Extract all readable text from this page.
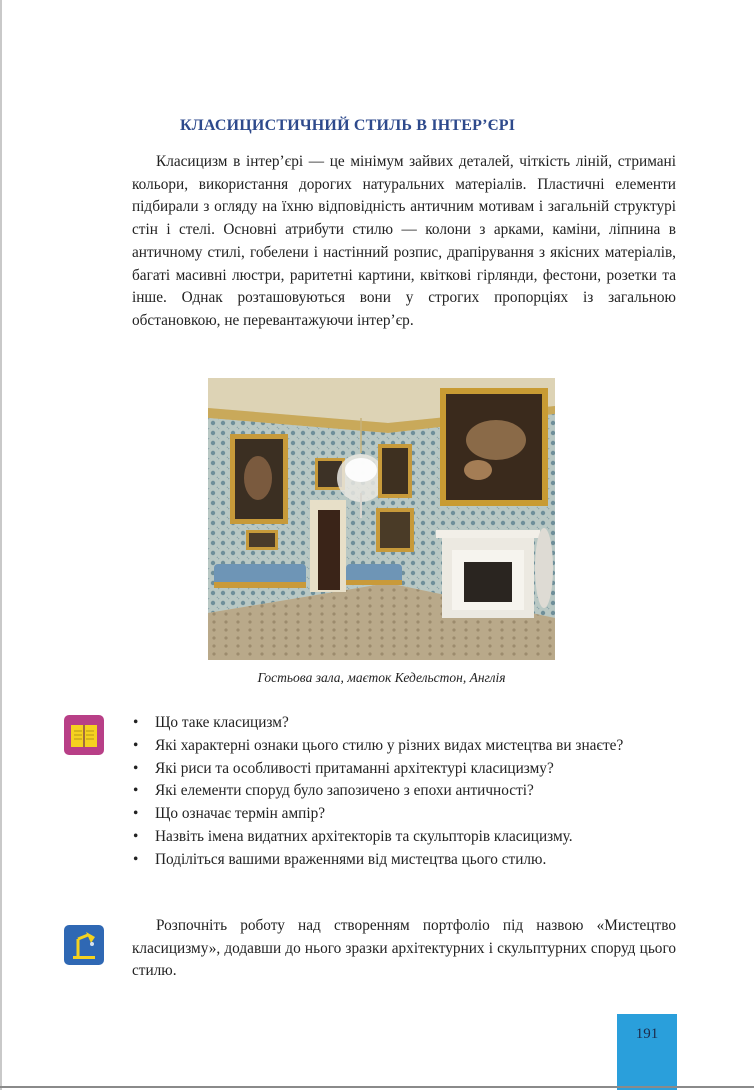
КЛАСИЦИСТИЧНИЙ СТИЛЬ В ІНТЕР’ЄРІ

Класицизм в інтер’єрі — це мінімум зайвих деталей, чіткість ліній, стримані кольори, використання дорогих натуральних матеріалів. Пластичні елементи підбирали з огляду на їхню відповідність античним мотивам і загальній структурі стін і стелі. Основні атрибути стилю — колони з арками, каміни, ліпнина в античному стилі, гобелени і настінний розпис, драпірування з якісних матеріалів, багаті масивні люстри, раритетні картини, квіткові гірлянди, фестони, розетки та інше. Однак розташовуються вони у строгих пропорціях із загальною обстановкою, не перевантажуючи інтер’єр.

Гостьова зала, маєток Кедельстон, Англія

• Що таке класицизм?
• Які характерні ознаки цього стилю у різних видах мистецтва ви знаєте?
• Які риси та особливості притаманні архітектурі класицизму?
• Які елементи споруд було запозичено з епохи античності?
• Що означає термін ампір?
• Назвіть імена видатних архітекторів та скульпторів класицизму.
• Поділіться вашими враженнями від мистецтва цього стилю.

Розпочніть роботу над створенням портфоліо під назвою «Мистецтво класицизму», додавши до нього зразки архітектурних і скульптурних споруд цього стилю.

191
